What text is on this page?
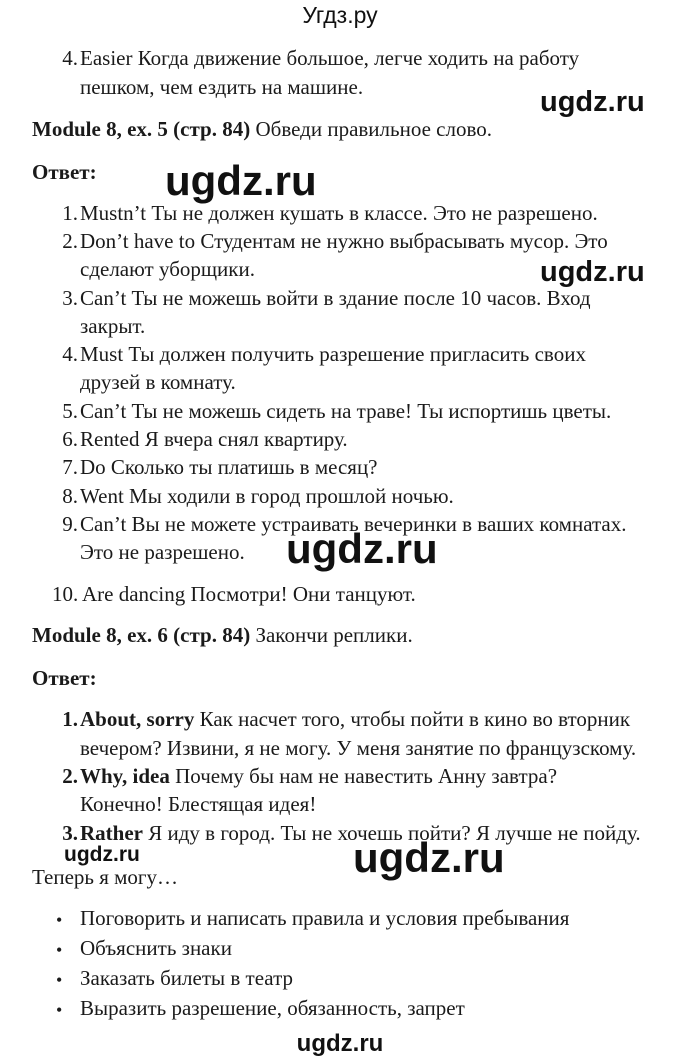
Угдз.ру
4. Easier Когда движение большое, легче ходить на работу
пешком, чем ездить на машине.	ugdz.ru
Module 8, ex. 5 (стр. 84) Обведи правильное слово.
Ответ: ugdz.ru
1. Mustn’t Ты не должен кушать в классе. Это не разрешено.
2. Don’t have to Студентам не нужно выбрасывать мусор. Это
сделают уборщики.
3. Can’t Ты не можешь войти в здание после 10 часов. Вход
закрыт.
4. Must Ты должен получить разрешение пригласить своих
друзей в комнату.
5. Can’t Ты не можешь сидеть на траве! Ты испортишь цветы.
6. Rented Я вчера снял квартиру.
7. Do Сколько ты платишь в месяц?
8. Went Мы ходили в город прошлой ночью.
9. Can’t Вы не можете устраивать вечеринки в ваших комнатах.
Это не разрешено.
10. Are dancing Посмотри! Они танцуют.
ugdz.ru
ugdz.ru
Module 8, ex. 6 (стр. 84) Закончи реплики.
Ответ:
1. About, sorry Как насчет того, чтобы пойти в кино во вторник
вечером? Извини, я не могу. У меня занятие по французскому.
2. Why, idea Почему бы нам не навестить Анну завтра?
Конечно! Блестящая идея!
3. Rather Я иду в город. Ты не хочешь пойти? Я лучше не пойду.
ugdz.ru	ugdz.ru
Теперь я могу…
• Поговорить и написать правила и условия пребывания
• Объяснить знаки
• Заказать билеты в театр
• Выразить разрешение, обязанность, запрет
ugdz.ru
